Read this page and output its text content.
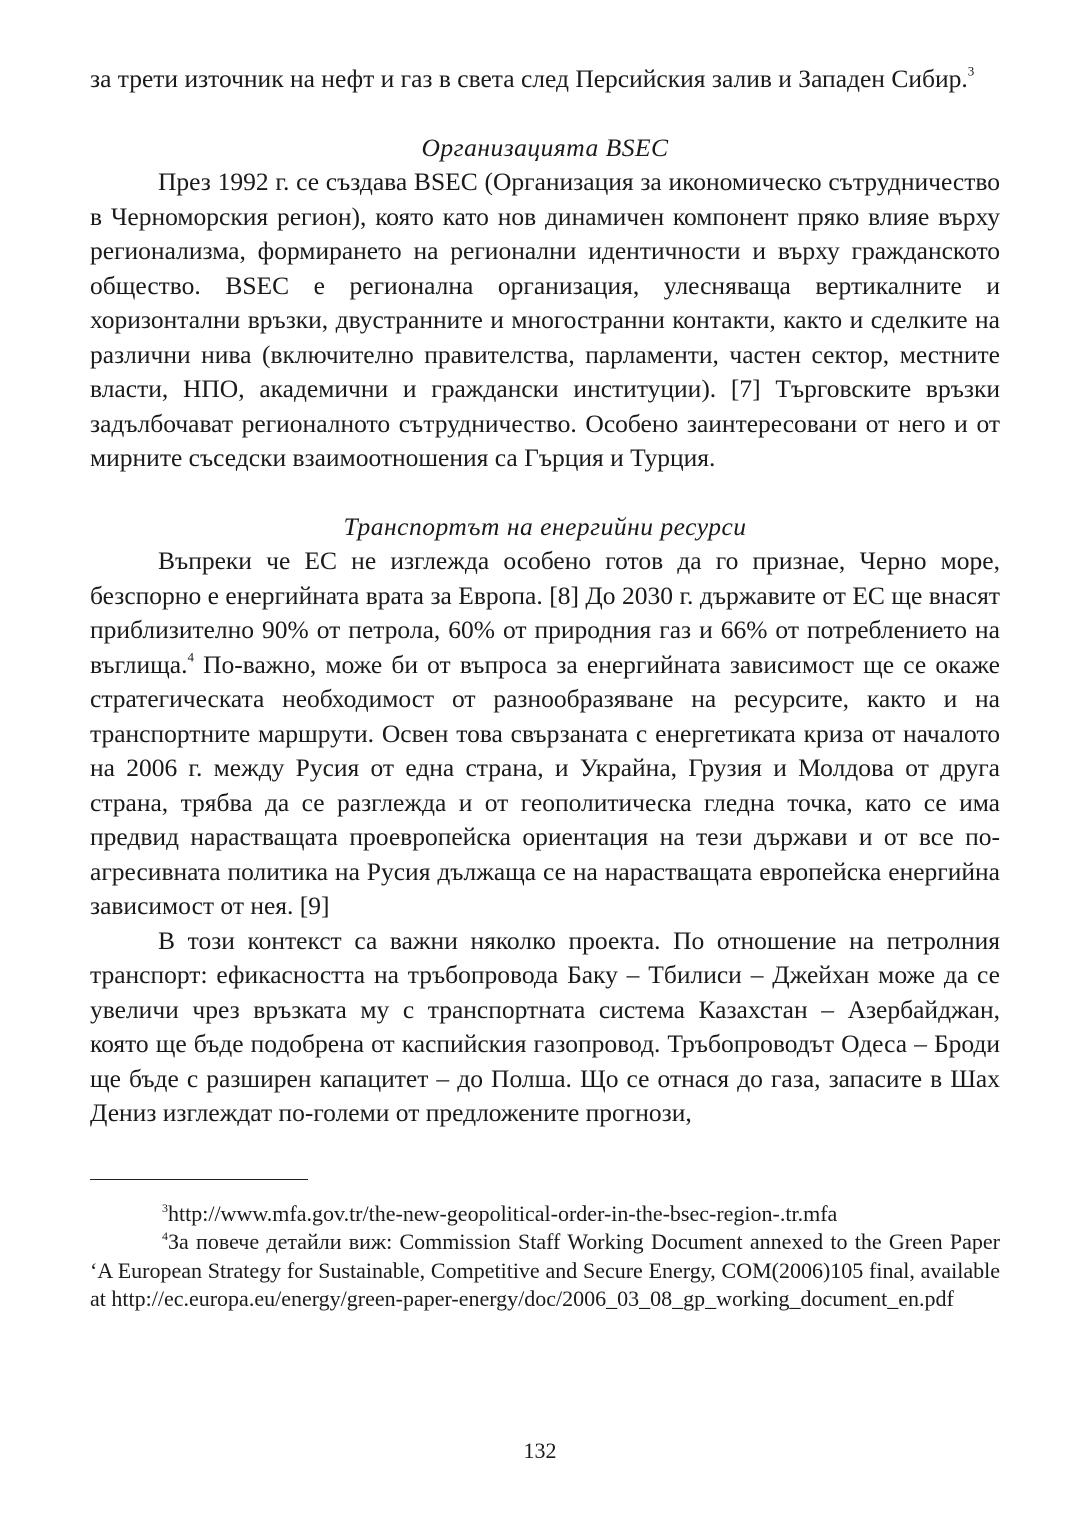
за трети източник на нефт и газ в света след Персийския залив и Западен Сибир.$^3$

Организацията BSEC

През 1992 г. се създава BSEC (Организация за икономическо сътрудничество в Черноморския регион), която като нов динамичен компонент пряко влияе върху регионализма, формирането на регионални идентичности и върху гражданското общество. BSEC е регионална организация, улесняваща вертикалните и хоризонтални връзки, двустранните и многостранни контакти, както и сделките на различни нива (включително правителства, парламенти, частен сектор, местните власти, НПО, академични и граждански институции). [7] Търговските връзки задълбочават регионалното сътрудничество. Особено заинтересовани от него и от мирните съседски взаимоотношения са Гърция и Турция.

Транспортът на енергийни ресурси

Въпреки че ЕС не изглежда особено готов да го признае, Черно море, безспорно е енергийната врата за Европа. [8] До 2030 г. държавите от ЕС ще внасят приблизително 90% от петрола, 60% от природния газ и 66% от потреблението на въглища.$^4$ По-важно, може би от въпроса за енергийната зависимост ще се окаже стратегическата необходимост от разнообразяване на ресурсите, както и на транспортните маршрути. Освен това свързаната с енергетиката криза от началото на 2006 г. между Русия от една страна, и Украйна, Грузия и Молдова от друга страна, трябва да се разглежда и от геополитическа гледна точка, като се има предвид нарастващата проевропейска ориентация на тези държави и от все по-агресивната политика на Русия дължаща се на нарастващата европейска енергийна зависимост от нея. [9]

В този контекст са важни няколко проекта. По отношение на петролния транспорт: ефикасността на тръбопровода Баку – Тбилиси – Джейхан може да се увеличи чрез връзката му с транспортната система Казахстан – Азербайджан, която ще бъде подобрена от каспийския газопровод. Тръбопроводът Одеса – Броди ще бъде с разширен капацитет – до Полша. Що се отнася до газа, запасите в Шах Дениз изглеждат по-големи от предложените прогнози,

$^3$http://www.mfa.gov.tr/the-new-geopolitical-order-in-the-bsec-region-.tr.mfa

$^4$За повече детайли виж: Commission Staff Working Document annexed to the Green Paper ‘A European Strategy for Sustainable, Competitive and Secure Energy, COM(2006)105 final, available at http://ec.europa.eu/energy/green-paper-energy/doc/2006_03_08_gp_working_document_en.pdf

132
